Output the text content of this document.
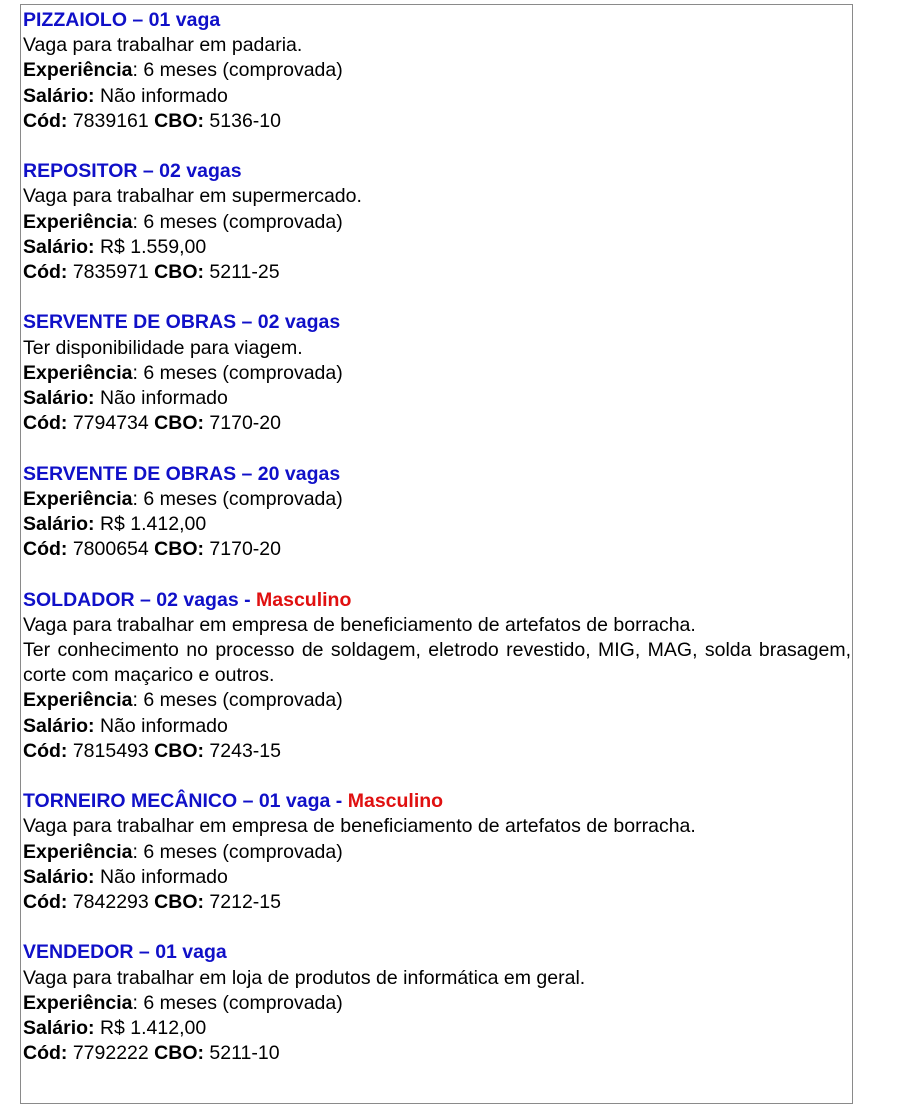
PIZZAIOLO – 01 vaga
Vaga para trabalhar em padaria.
Experiência: 6 meses (comprovada)
Salário: Não informado
Cód: 7839161 CBO: 5136-10
REPOSITOR – 02 vagas
Vaga para trabalhar em supermercado.
Experiência: 6 meses (comprovada)
Salário: R$ 1.559,00
Cód: 7835971 CBO: 5211-25
SERVENTE DE OBRAS – 02 vagas
Ter disponibilidade para viagem.
Experiência: 6 meses (comprovada)
Salário: Não informado
Cód: 7794734 CBO: 7170-20
SERVENTE DE OBRAS – 20 vagas
Experiência: 6 meses (comprovada)
Salário: R$ 1.412,00
Cód: 7800654 CBO: 7170-20
SOLDADOR – 02 vagas - Masculino
Vaga para trabalhar em empresa de beneficiamento de artefatos de borracha.
Ter conhecimento no processo de soldagem, eletrodo revestido, MIG, MAG, solda brasagem, corte com maçarico e outros.
Experiência: 6 meses (comprovada)
Salário: Não informado
Cód: 7815493 CBO: 7243-15
TORNEIRO MECÂNICO – 01 vaga - Masculino
Vaga para trabalhar em empresa de beneficiamento de artefatos de borracha.
Experiência: 6 meses (comprovada)
Salário: Não informado
Cód: 7842293 CBO: 7212-15
VENDEDOR – 01 vaga
Vaga para trabalhar em loja de produtos de informática em geral.
Experiência: 6 meses (comprovada)
Salário: R$ 1.412,00
Cód: 7792222 CBO: 5211-10
